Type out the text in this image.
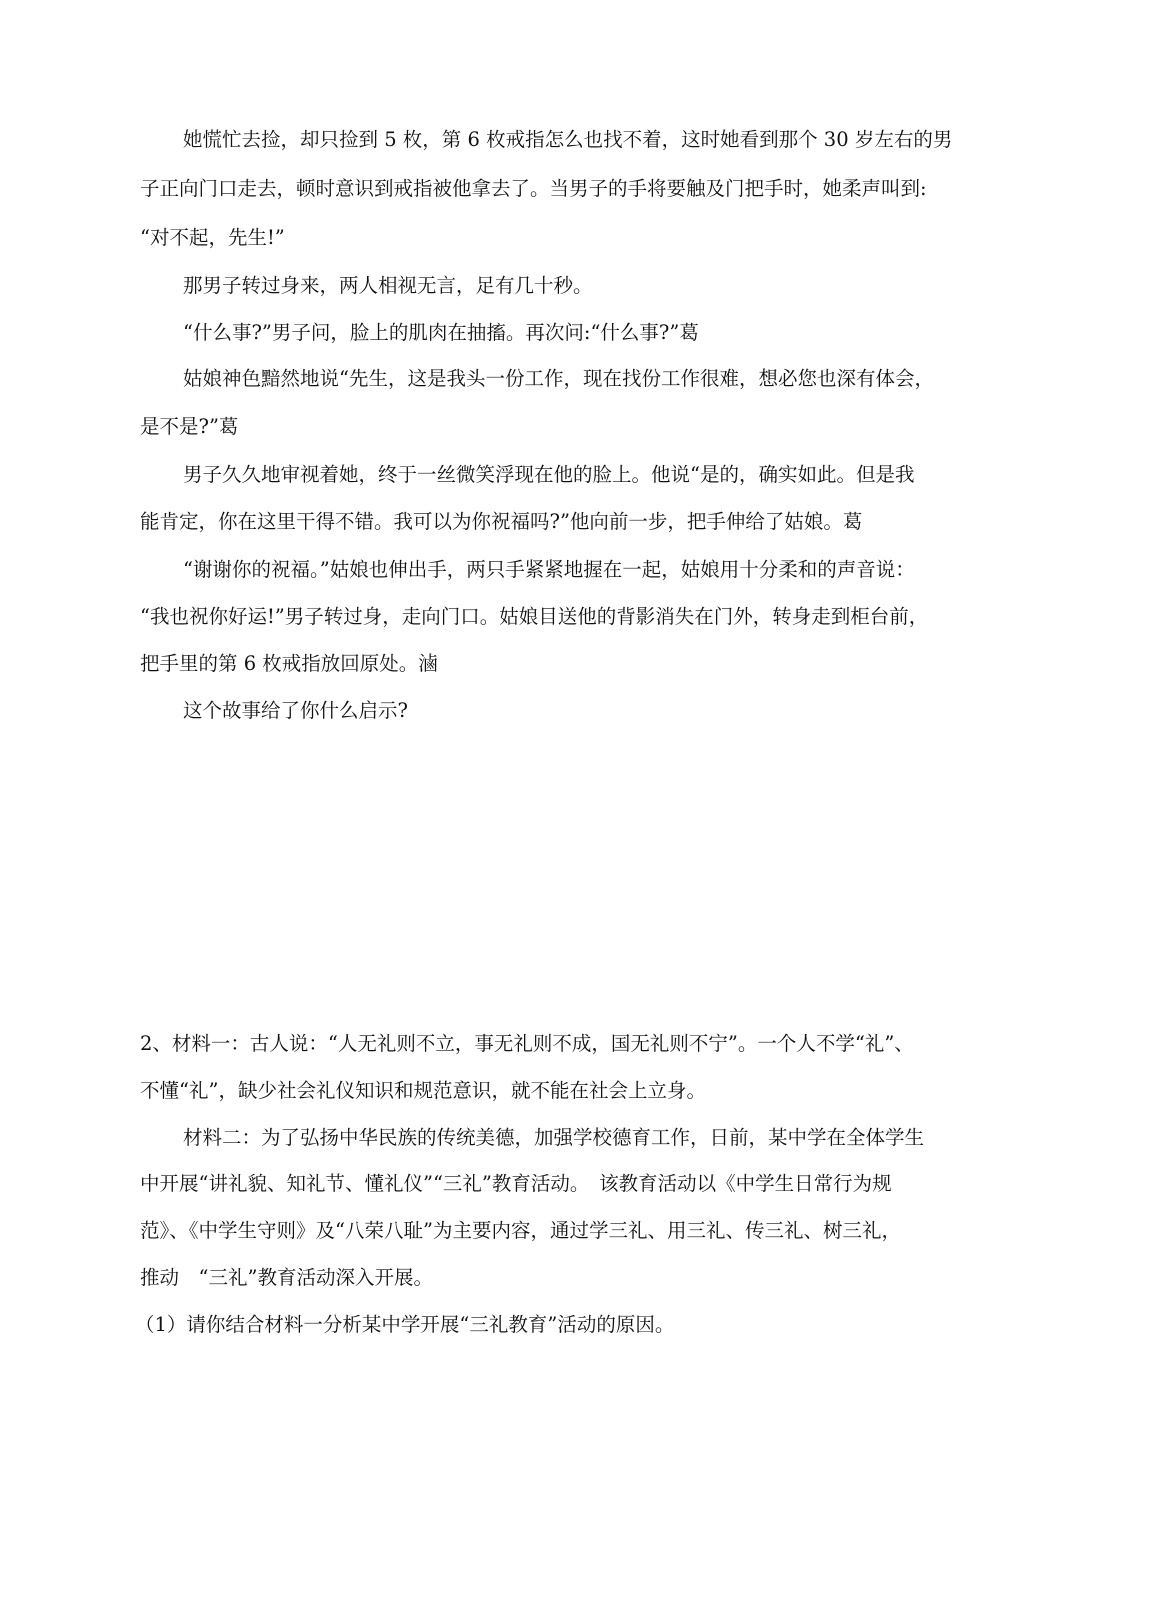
她慌忙去捡，却只捡到 5 枚，第 6 枚戒指怎么也找不着，这时她看到那个 30 岁左右的男
子正向门口走去，顿时意识到戒指被他拿去了。当男子的手将要触及门把手时，她柔声叫到:
“对不起，先生!”
那男子转过身来，两人相视无言，足有几十秒。
“什么事?”男子问，脸上的肌肉在抽搐。再次问:“什么事?”葛
姑娘神色黯然地说“先生，这是我头一份工作，现在找份工作很难，想必您也深有体会，
是不是?”葛
男子久久地审视着她，终于一丝微笑浮现在他的脸上。他说“是的，确实如此。但是我
能肯定，你在这里干得不错。我可以为你祝福吗?”他向前一步，把手伸给了姑娘。葛
“谢谢你的祝福。”姑娘也伸出手，两只手紧紧地握在一起，姑娘用十分柔和的声音说：
“我也祝你好运!”男子转过身，走向门口。姑娘目送他的背影消失在门外，转身走到柜台前，
把手里的第 6 枚戒指放回原处。滷
这个故事给了你什么启示?
2、材料一：古人说：“人无礼则不立，事无礼则不成，国无礼则不宁”。一个人不学“礼”、
不懂“礼”，缺少社会礼仪知识和规范意识，就不能在社会上立身。
材料二：为了弘扬中华民族的传统美德，加强学校德育工作，日前，某中学在全体学生
中开展“讲礼貌、知礼节、懂礼仪”“三礼”教育活动。　该教育活动以《中学生日常行为规
范》、《中学生守则》及“八荣八耻”为主要内容，通过学三礼、用三礼、传三礼、树三礼，
推动　“三礼”教育活动深入开展。
（1）请你结合材料一分析某中学开展“三礼教育”活动的原因。
